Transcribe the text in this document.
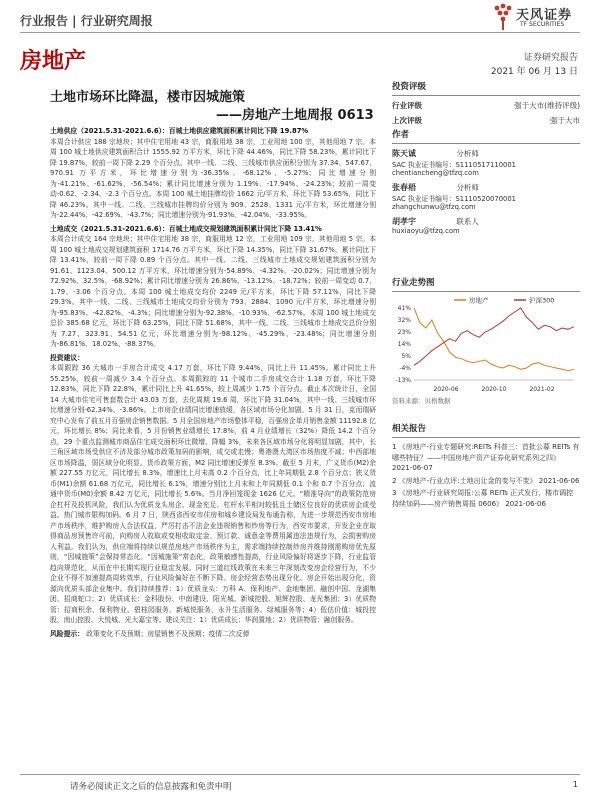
行业报告 | 行业研究周报	天风证券
TF SECURITIES
房地产	证券研究报告
2021 年 06 月 13 日
土地市场环比降温，楼市因城施策
——房地产土地周报 0613

土地供应（2021.5.31-2021.6.6）：百城土地供应建筑面积累计同比下降 19.87%
本周合计供应 188 宗地块；其中住宅用地 43 宗，商服用地 38 宗，工业用地 100 宗，其他用地 7 宗。本周 100 城土地供应建筑面积合计 1555.92 万平方米，环比下降 44.46%，同比下降 58.23%，累计同比下降 19.87%，较前一周下降 2.29 个百分点。其中一线、二线、三线城市供应面积分别为 37.34、547.67、970.91 万平方米，环比增速分别为-36.35%、-68.12%、-5.27%；同比增速分别为-41.21%、-61.62%、-56.54%；累计同比增速分别为 1.19%、-17.94%、-24.23%；较前一周变动-0.62、-2.34、-2.3 个百分点。本周 100 城土地挂牌均价 1662 元/平方米，环比下降 53.65%，同比下降 46.23%。其中一线、二线、三线城市挂牌均价分别为 909、2528、1331 元/平方米，环比增速分别为-22.44%、-42.69%、-43.7%；同比增速分别为-91.93%、-42.04%、-33.95%。

土地成交（2021.5.31-2021.6.6）：百城土地成交规划建筑面积累计同比下降 13.41%
本周合计成交 164 宗地块；其中住宅用地 38 宗，商服用地 12 宗，工业用地 109 宗，其他用地 5 宗。本周 100 城土地成交规划建筑面积 1714.76 万平方米，环比下降 14.35%，同比下降 31.67%，累计同比下降 13.41%，较前一周下降 0.89 个百分点。其中一线、二线、三线城市土地成交规划建筑面积分别为 91.61、1123.04、500.12 万平方米，环比增速分别为-54.89%、-4.32%、-20.02%；同比增速分别为 72.92%、32.5%、-68.92%；累计同比增速分别为 26.86%、-13.12%、-18.72%；较前一周变动 0.7、1.79、-3.06 个百分点。本周 100 城土地成交均价 2249 元/平方米，环比下降 57.11%，同比下降 29.3%。其中一线、二线、三线城市土地成交均价分别为 793、2884、1090 元/平方米，环比增速分别为-95.83%、-42.82%、-4.3%；同比增速分别为-92.38%、-10.93%、-62.57%。本周 100 城土地成交总价 385.68 亿元，环比下降 63.25%，同比下降 51.68%，其中一线、二线、三线城市土地成交总价分别为 7.27、323.91、54.51 亿元，环比增速分别为-98.12%、-45.29%、-23.48%；同比增速分别为-86.81%、18.02%、-88.37%。

投资建议：
本周跟踪 36 大城市一手房合计成交 4.17 万套，环比下降 9.44%，同比上升 11.45%。累计同比上升 55.25%，较前一周减少 3.4 个百分点。本周跟踪的 11 个城市二手房成交合计 1.18 万套，环比下降 12.83%，同比下降 22.8%，累计同比上升 41.65%，较上周减少 1.75 个百分点。截止本次统计日，全国 14 大城市住宅可售套数合计 43.03 万套，去化周期 19.6 周，环比下降 31.04%，其中一线、三线城市环比增速分别-62.34%、-3.86%。上市房企业绩同比增速放缓，各区域市场分化加剧。5 月 31 日，克而瑞研究中心发布了前五月百强房企销售数据。5 月全国房地产市场整体平稳，百强房企单月销售金额 11192.8 亿元，环比增长 8%；同比来看，5 月份销售业绩增长 17.8%，前 4 月业绩增长（32%）降低 14.2 个百分点，29 个重点监测城市商品住宅成交面积环比微增、降幅 3%，未来各区域市场分化将明显加剧，其中，长三角区域市场受供应不济及部分城市政策加码的影响，成交或走慢；粤港澳大湾区市场热度不减；中西部地区市场降温，弱区域分化明显。货币政策方面，M2 同比增速反弹至 8.3%。截至 5 月末，广义货币(M2)余额 227.55 万亿元，同比增长 8.3%，增速比上月末高 0.2 个百分点，比上年同期低 2.8 个百分点；狭义货币(M1)余额 61.68 万亿元，同比增长 6.1%，增速分别比上月末和上年同期低 0.1 个和 0.7 个百分点；流通中货币(M0)余额 8.42 万亿元，同比增长 5.6%。当月净回笼现金 1626 亿元。“精准导向”的政策防范房企杠杆及投机风险，我们认为优质龙头房企、现金充足、杠杆水平相对较低且土储区位良好的优质房企或受益。热门城市限购加码。6 月 7 日，陕西省西安市住房和城乡建设局发布通告称，为进一步规范西安市房地产市场秩序，维护购房人合法权益，严厉打击不法企业违规销售和炒房等行为，西安市要求，开发企业在取得商品房预售许可前，向购房人收取或变相收取定金、预订款、诚意金等费用属违法违规行为，会损害购房人利益。我们认为，供应端将持续以规范房地产市场秩序为主，需求端持续控制炒房并维持刚需购房优先原则，“因城施策”会保持常态化。“因城施策”常态化，政策敏感性提高，行业风险偏好将逐步下降，行业监管趋向规范化，从而在中长期实现行业稳定发展。同时三道红线政策在未来三年深刻改变房企经营行为，不少企业不得不加速提高周转效率，行业风险偏好在不断下降。房企经营态势出现分化、房企开始出现分化，资源向优质头部企业集中。我们持续推荐：1）优质龙头：万科 A、保利地产、金地集团、融创中国、龙湖集团、招商蛇口；2）优质成长：金科股份、中南建设、阳光城、新城控股、旭辉控股、龙光集团；3）优质物管：招商积余、保利物业、碧桂园服务、新城悦服务、永升生活服务、绿城服务等；4）低估价值：城投控股、南山控股、大悦城、光大嘉宝等。建议关注：1）优质成长：华润置地；2）优质物管：融创服务。

风险提示： 政策变化不及预期；房屋销售不及预期；疫情二次反弹

投资评级
行业评级	强于大市(维持评级)
上次评级	强于大市
作者
陈天诚	分析师
SAC 执业证书编号：S1110517110001
chentiancheng@tfzq.com
张春梧	分析师
SAC 执业证书编号：S1110520070001
zhangchunwu@tfzq.com
胡孝宇	联系人
huxiaoyu@tfzq.com
行业走势图
房地产	沪深300
-13%
-4%
5%
14%
23%
32%
41%
2020-06	2020-10	2021-02
资料来源：贝格数据
相关报告
1 《房地产-行业专题研究:REITs 科普三：首批公募 REITs 有哪些特征？——中国房地产资产证券化研究系列之四》 2021-06-07
2 《房地产-行业点评:土地出让金的变与不变》 2021-06-06
3 《房地产-行业研究周报:公募 REITs 正式发行，楼市调控持续加码——房产销售周报 0606》 2021-06-06
请务必阅读正文之后的信息披露和免责申明	1
